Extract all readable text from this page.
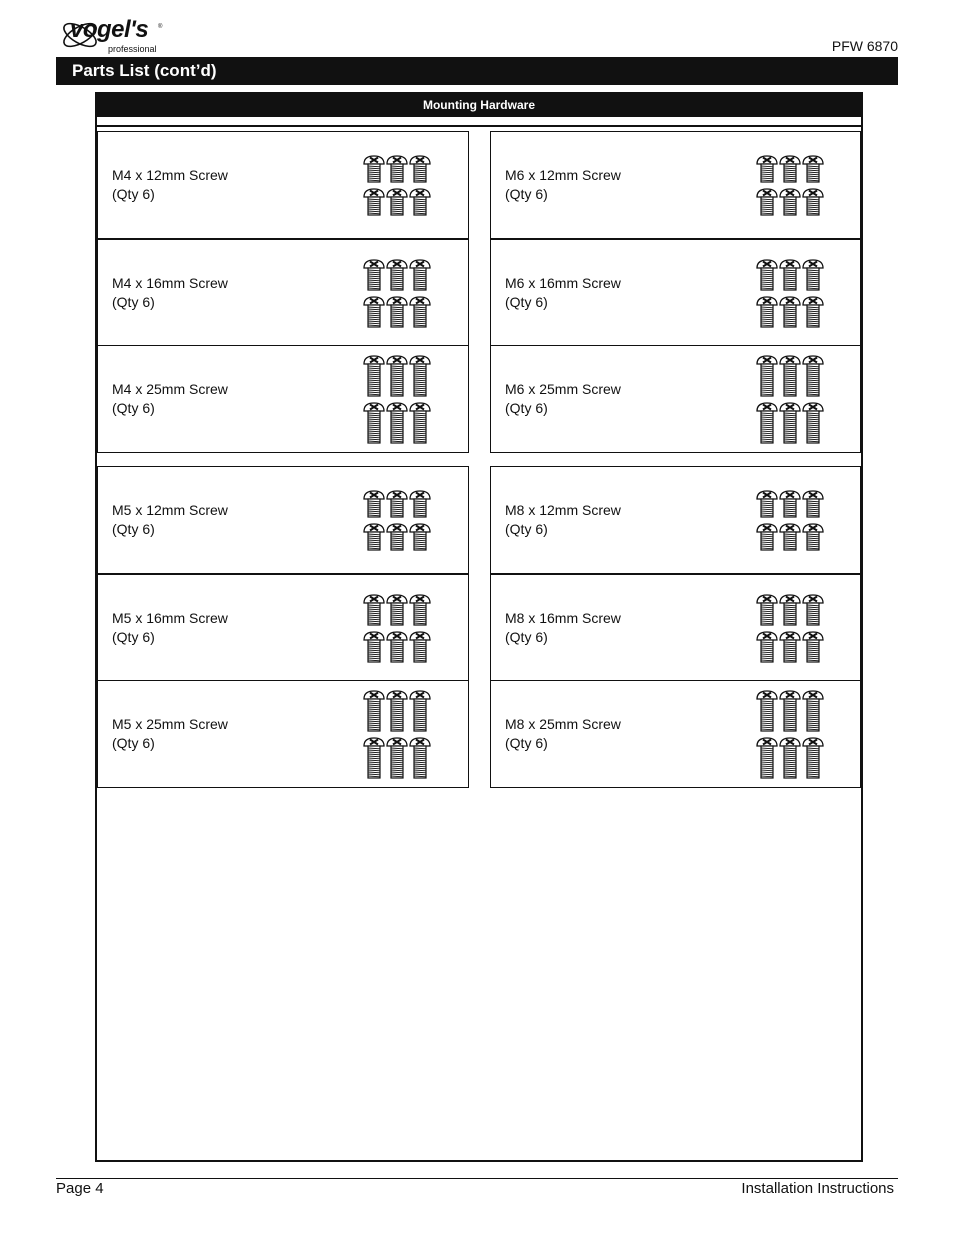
vogel's ®
professional	PFW 6870
Parts List (cont’d)
Mounting Hardware
M4 x 12mm Screw
(Qty 6)
M6 x 12mm Screw
(Qty 6)
M4 x 16mm Screw
(Qty 6)
M6 x 16mm Screw
(Qty 6)
M4 x 25mm Screw
(Qty 6)
M6 x 25mm Screw
(Qty 6)
M5 x 12mm Screw
(Qty 6)
M8 x 12mm Screw
(Qty 6)
M5 x 16mm Screw
(Qty 6)
M8 x 16mm Screw
(Qty 6)
M5 x 25mm Screw
(Qty 6)
M8 x 25mm Screw
(Qty 6)
Page 4	Installation Instructions
